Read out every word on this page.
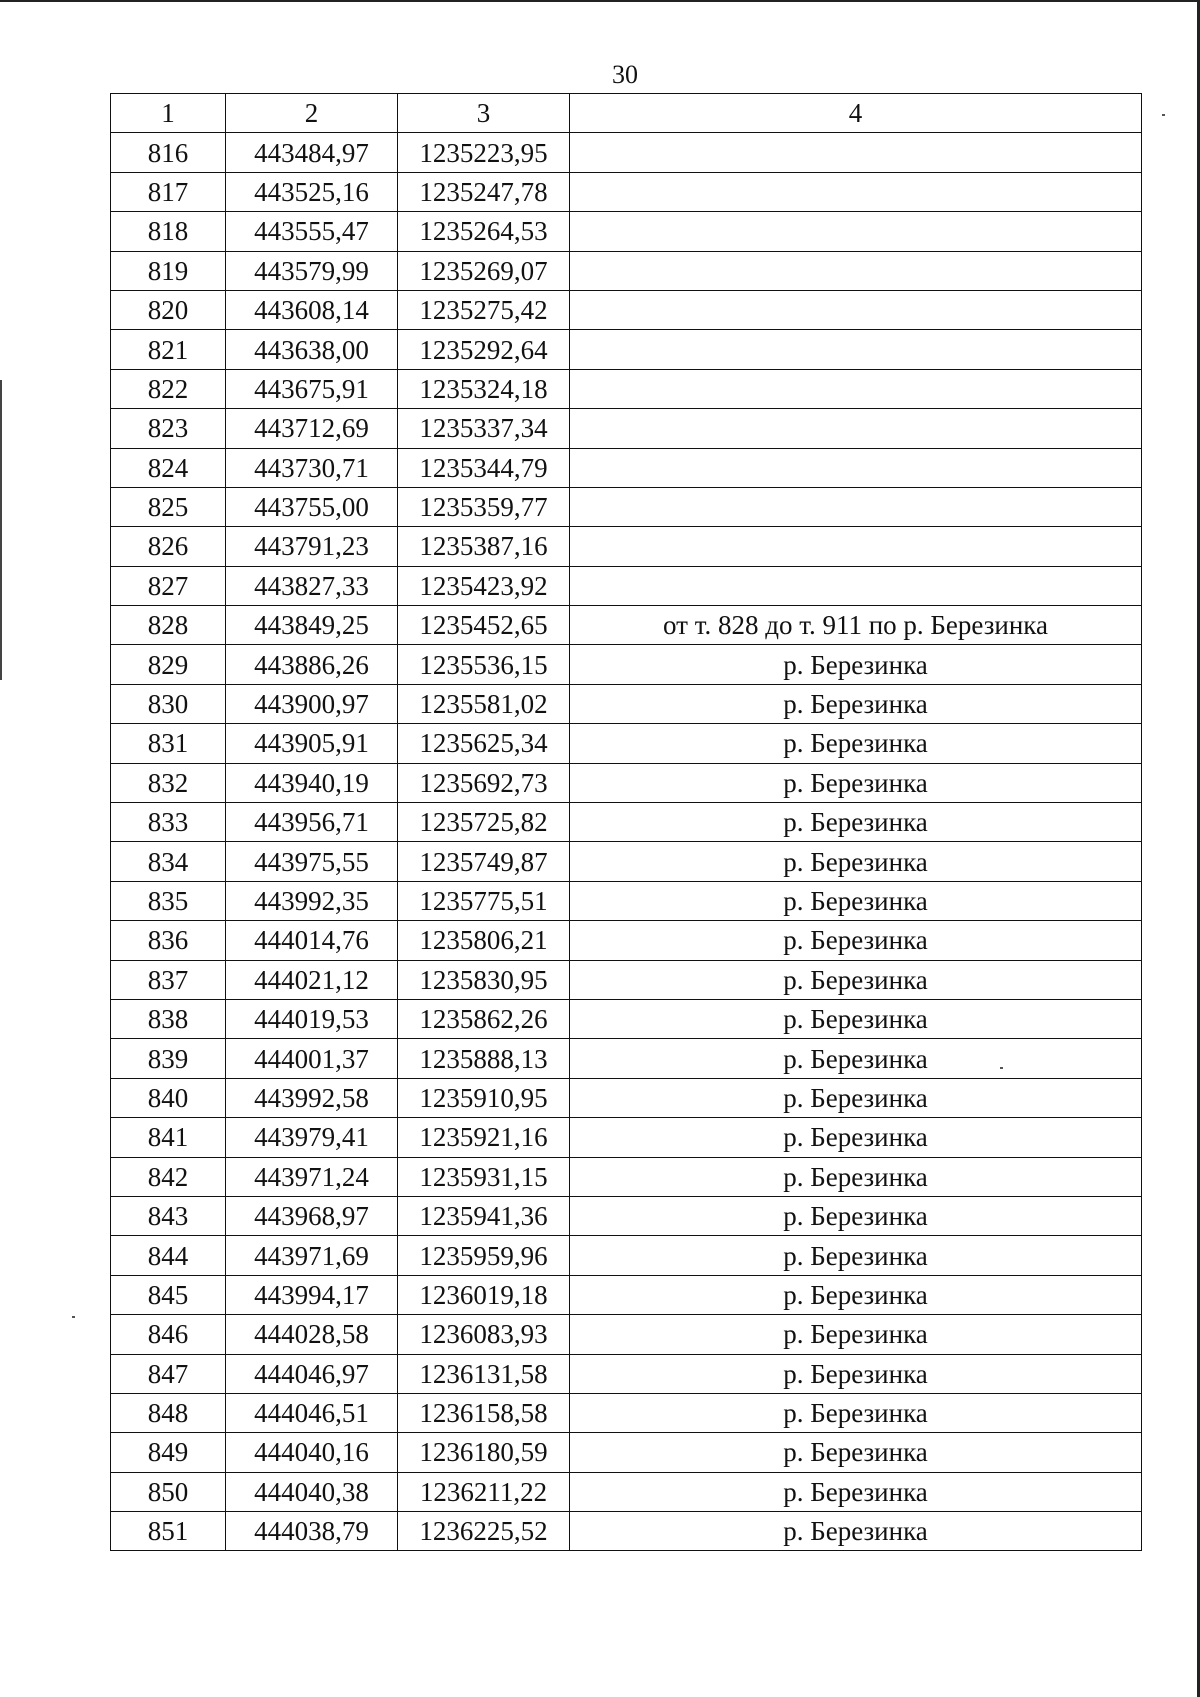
30
1	2	3	4
816	443484,97	1235223,95	
817	443525,16	1235247,78	
818	443555,47	1235264,53	
819	443579,99	1235269,07	
820	443608,14	1235275,42	
821	443638,00	1235292,64	
822	443675,91	1235324,18	
823	443712,69	1235337,34	
824	443730,71	1235344,79	
825	443755,00	1235359,77	
826	443791,23	1235387,16	
827	443827,33	1235423,92	
828	443849,25	1235452,65	от т. 828 до т. 911 по р. Березинка
829	443886,26	1235536,15	р. Березинка
830	443900,97	1235581,02	р. Березинка
831	443905,91	1235625,34	р. Березинка
832	443940,19	1235692,73	р. Березинка
833	443956,71	1235725,82	р. Березинка
834	443975,55	1235749,87	р. Березинка
835	443992,35	1235775,51	р. Березинка
836	444014,76	1235806,21	р. Березинка
837	444021,12	1235830,95	р. Березинка
838	444019,53	1235862,26	р. Березинка
839	444001,37	1235888,13	р. Березинка
840	443992,58	1235910,95	р. Березинка
841	443979,41	1235921,16	р. Березинка
842	443971,24	1235931,15	р. Березинка
843	443968,97	1235941,36	р. Березинка
844	443971,69	1235959,96	р. Березинка
845	443994,17	1236019,18	р. Березинка
846	444028,58	1236083,93	р. Березинка
847	444046,97	1236131,58	р. Березинка
848	444046,51	1236158,58	р. Березинка
849	444040,16	1236180,59	р. Березинка
850	444040,38	1236211,22	р. Березинка
851	444038,79	1236225,52	р. Березинка
